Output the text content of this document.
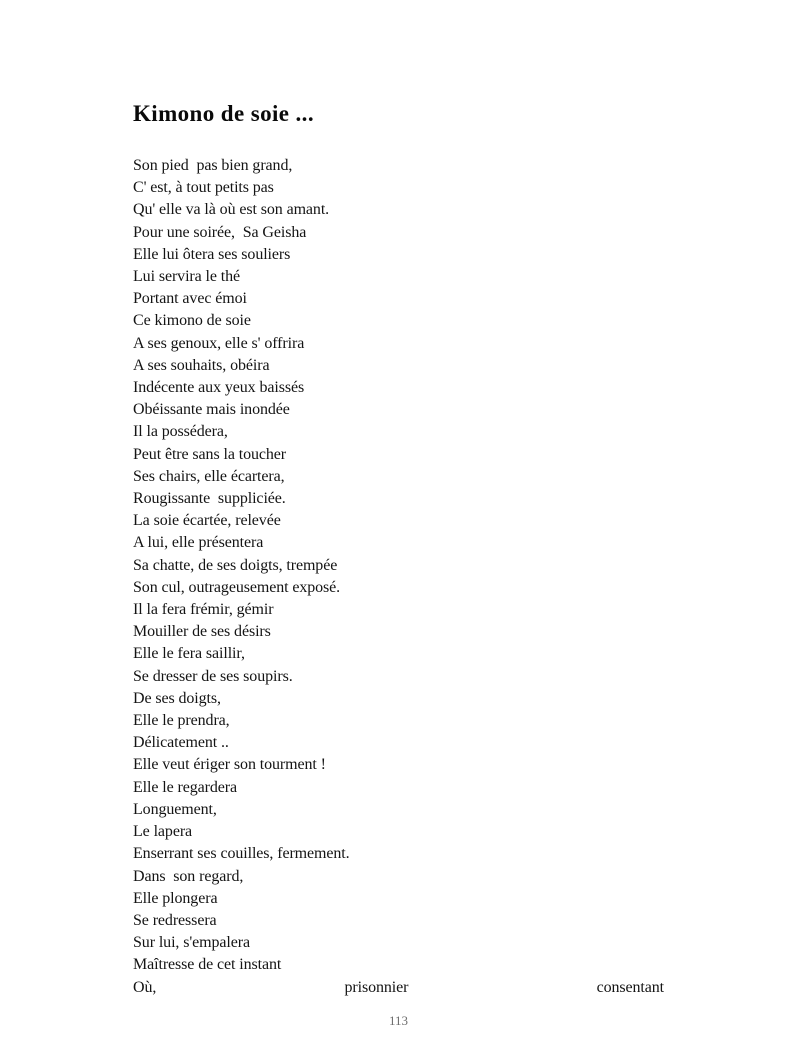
Kimono de soie ...
Son pied  pas bien grand,
C' est, à tout petits pas
Qu' elle va là où est son amant.
Pour une soirée,  Sa Geisha
Elle lui ôtera ses souliers
Lui servira le thé
Portant avec émoi
Ce kimono de soie
A ses genoux, elle s' offrira
A ses souhaits, obéira
Indécente aux yeux baissés
Obéissante mais inondée
Il la possédera,
Peut être sans la toucher
Ses chairs, elle écartera,
Rougissante  suppliciée.
La soie écartée, relevée
A lui, elle présentera
Sa chatte, de ses doigts, trempée
Son cul, outrageusement exposé.
Il la fera frémir, gémir
Mouiller de ses désirs
Elle le fera saillir,
Se dresser de ses soupirs.
De ses doigts,
Elle le prendra,
Délicatement ..
Elle veut ériger son tourment !
Elle le regardera
Longuement,
Le lapera
Enserrant ses couilles, fermement.
Dans  son regard,
Elle plongera
Se redressera
Sur lui, s'empalera
Maîtresse de cet instant
Où,	prisonnier	consentant
113
